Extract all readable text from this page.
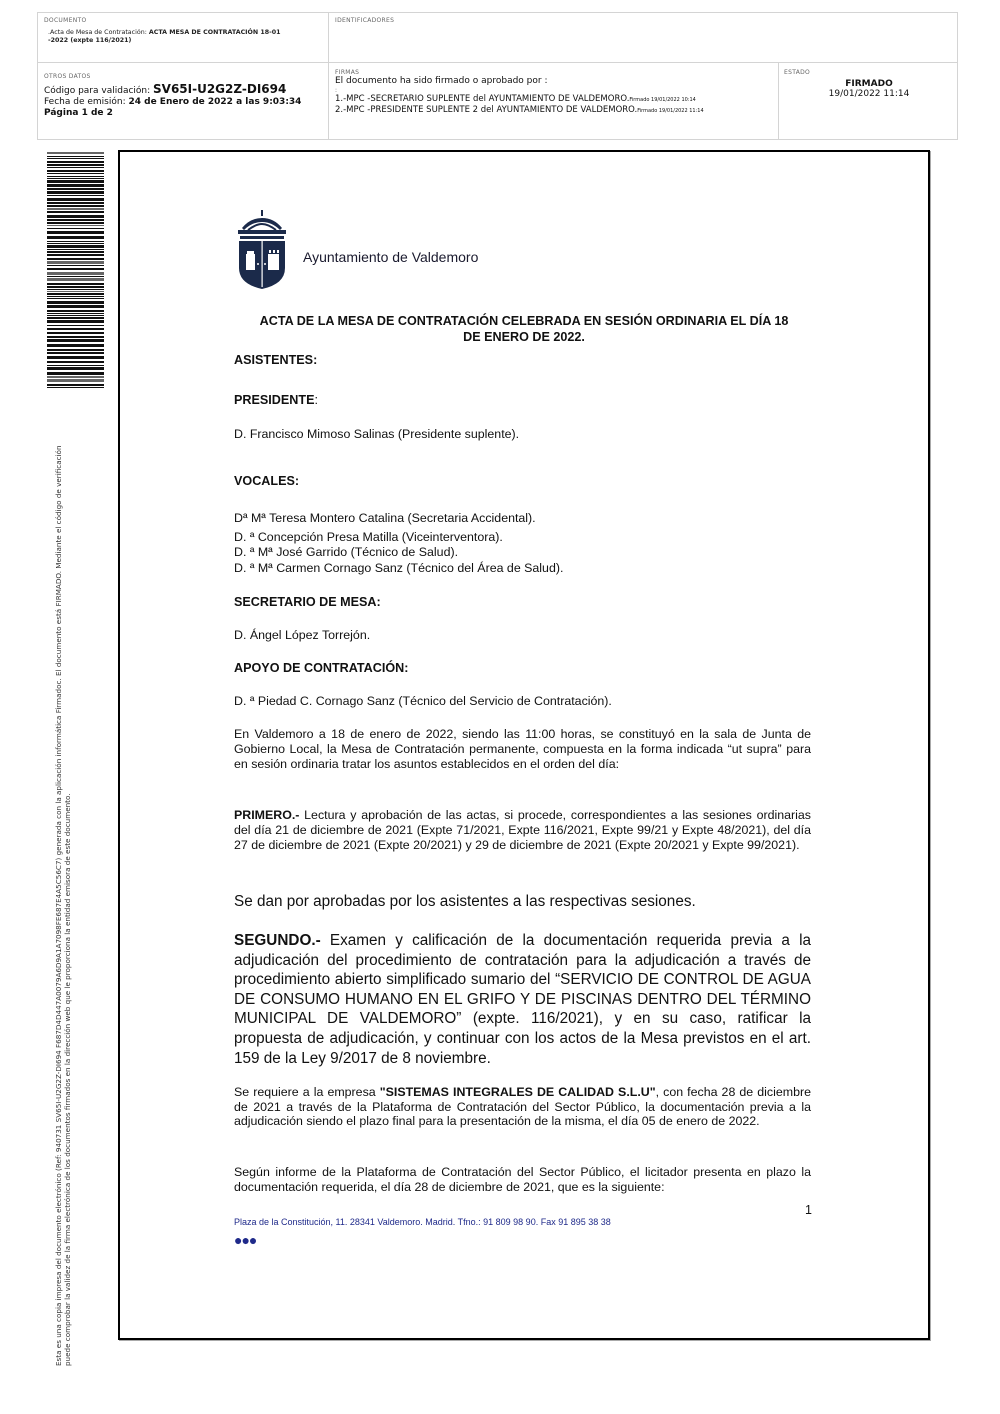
DOCUMENTO
.Acta de Mesa de Contratación: ACTA MESA DE CONTRATACIÓN 18-01
-2022 (expte 116/2021)
IDENTIFICADORES
OTROS DATOS
Código para validación: SV65I-U2G2Z-DI694
Fecha de emisión: 24 de Enero de 2022 a las 9:03:34
Página 1 de 2
FIRMAS
El documento ha sido firmado o aprobado por :
:
1.-MPC -SECRETARIO SUPLENTE del AYUNTAMIENTO DE VALDEMORO.Firmado 19/01/2022 10:14
2.-MPC -PRESIDENTE SUPLENTE 2 del AYUNTAMIENTO DE VALDEMORO.Firmado 19/01/2022 11:14
ESTADO
FIRMADO
19/01/2022 11:14
Esta es una copia impresa del documento electrónico (Ref: 940731 SV65I-U2G2Z-DI694 F687D4D447A0079A6D9A1A7098FE687E4A5C56C7) generada con la aplicación informática Firmadoc. El documento está FIRMADO. Mediante el código de verificación puede comprobar la validez de la firma electrónica de los documentos firmados en la dirección web que le proporciona la entidad emisora de este documento.
Ayuntamiento de Valdemoro
ACTA DE LA MESA DE CONTRATACIÓN CELEBRADA EN SESIÓN ORDINARIA EL DÍA 18
DE ENERO DE 2022.
ASISTENTES:
PRESIDENTE:
D. Francisco Mimoso Salinas (Presidente suplente).
VOCALES:
Dª Mª Teresa Montero Catalina (Secretaria Accidental).
D. ª Concepción Presa Matilla (Viceinterventora).
D. ª Mª José Garrido (Técnico de Salud).
D. ª Mª Carmen Cornago Sanz (Técnico del Área de Salud).
SECRETARIO DE MESA:
D. Ángel López Torrejón.
APOYO DE CONTRATACIÓN:
D. ª Piedad C. Cornago Sanz (Técnico del Servicio de Contratación).
En Valdemoro a 18 de enero de 2022, siendo las 11:00 horas, se constituyó en la sala de Junta de Gobierno Local, la Mesa de Contratación permanente, compuesta en la forma indicada “ut supra” para en sesión ordinaria tratar los asuntos establecidos en el orden del día:
PRIMERO.- Lectura y aprobación de las actas, si procede, correspondientes a las sesiones ordinarias del día 21 de diciembre de 2021 (Expte 71/2021, Expte 116/2021, Expte 99/21 y Expte 48/2021), del día 27 de diciembre de 2021 (Expte 20/2021) y 29 de diciembre de 2021 (Expte 20/2021 y Expte 99/2021).
Se dan por aprobadas por los asistentes a las respectivas sesiones.
SEGUNDO.- Examen y calificación de la documentación requerida previa a la adjudicación del procedimiento de contratación para la adjudicación a través de procedimiento abierto simplificado sumario del “SERVICIO DE CONTROL DE AGUA DE CONSUMO HUMANO EN EL GRIFO Y DE PISCINAS DENTRO DEL TÉRMINO MUNICIPAL DE VALDEMORO” (expte. 116/2021), y en su caso, ratificar la propuesta de adjudicación, y continuar con los actos de la Mesa previstos en el art. 159 de la Ley 9/2017 de 8 noviembre.
Se requiere a la empresa "SISTEMAS INTEGRALES DE CALIDAD S.L.U", con fecha 28 de diciembre de 2021 a través de la Plataforma de Contratación del Sector Público, la documentación previa a la adjudicación siendo el plazo final para la presentación de la misma, el día 05 de enero de 2022.
Según informe de la Plataforma de Contratación del Sector Público, el licitador presenta en plazo la documentación requerida, el día 28 de diciembre de 2021, que es la siguiente:
1
Plaza de la Constitución, 11. 28341 Valdemoro. Madrid. Tfno.: 91 809 98 90. Fax 91 895 38 38
●●●
